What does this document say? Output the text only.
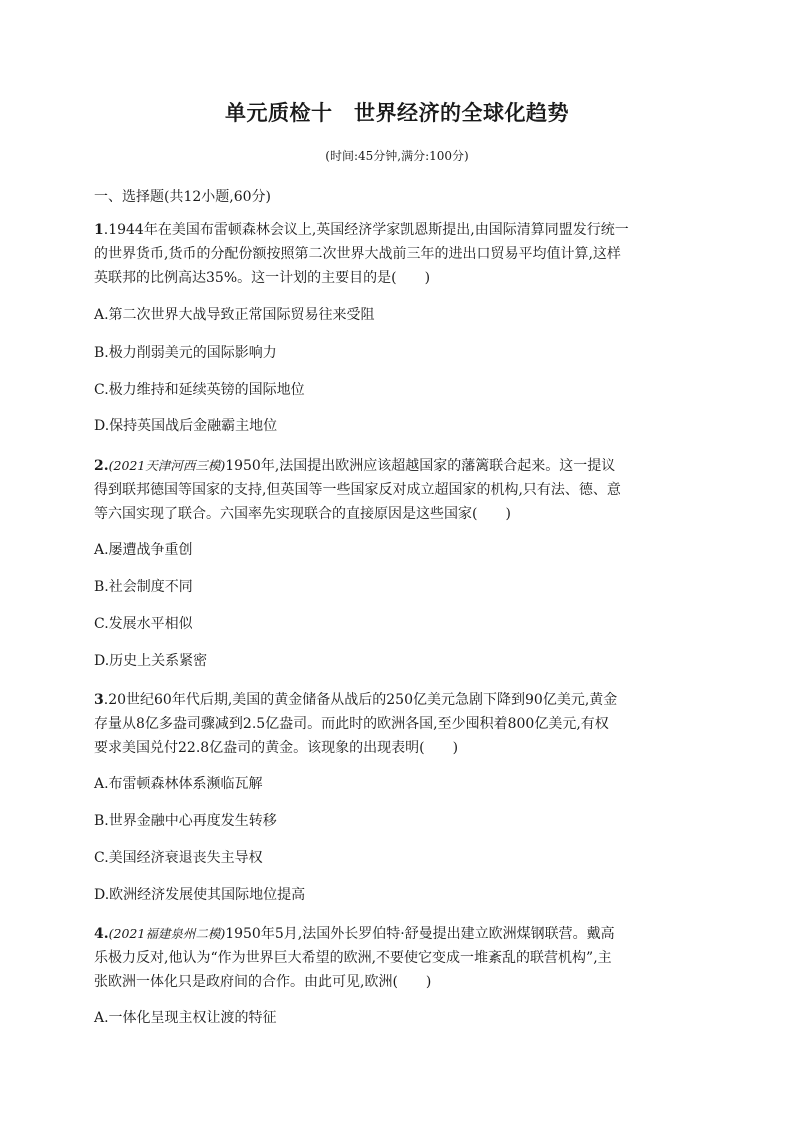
单元质检十　世界经济的全球化趋势
(时间:45分钟,满分:100分)
一、选择题(共12小题,60分)
1.1944年在美国布雷顿森林会议上,英国经济学家凯恩斯提出,由国际清算同盟发行统一
的世界货币,货币的分配份额按照第二次世界大战前三年的进出口贸易平均值计算,这样
英联邦的比例高达35%。这一计划的主要目的是(　　)
A.第二次世界大战导致正常国际贸易往来受阻
B.极力削弱美元的国际影响力
C.极力维持和延续英镑的国际地位
D.保持英国战后金融霸主地位
2.(2021天津河西三模)1950年,法国提出欧洲应该超越国家的藩篱联合起来。这一提议
得到联邦德国等国家的支持,但英国等一些国家反对成立超国家的机构,只有法、德、意
等六国实现了联合。六国率先实现联合的直接原因是这些国家(　　)
A.屡遭战争重创
B.社会制度不同
C.发展水平相似
D.历史上关系紧密
3.20世纪60年代后期,美国的黄金储备从战后的250亿美元急剧下降到90亿美元,黄金
存量从8亿多盎司骤减到2.5亿盎司。而此时的欧洲各国,至少囤积着800亿美元,有权
要求美国兑付22.8亿盎司的黄金。该现象的出现表明(　　)
A.布雷顿森林体系濒临瓦解
B.世界金融中心再度发生转移
C.美国经济衰退丧失主导权
D.欧洲经济发展使其国际地位提高
4.(2021福建泉州二模)1950年5月,法国外长罗伯特·舒曼提出建立欧洲煤钢联营。戴高
乐极力反对,他认为“作为世界巨大希望的欧洲,不要使它变成一堆紊乱的联营机构”,主
张欧洲一体化只是政府间的合作。由此可见,欧洲(　　)
A.一体化呈现主权让渡的特征
